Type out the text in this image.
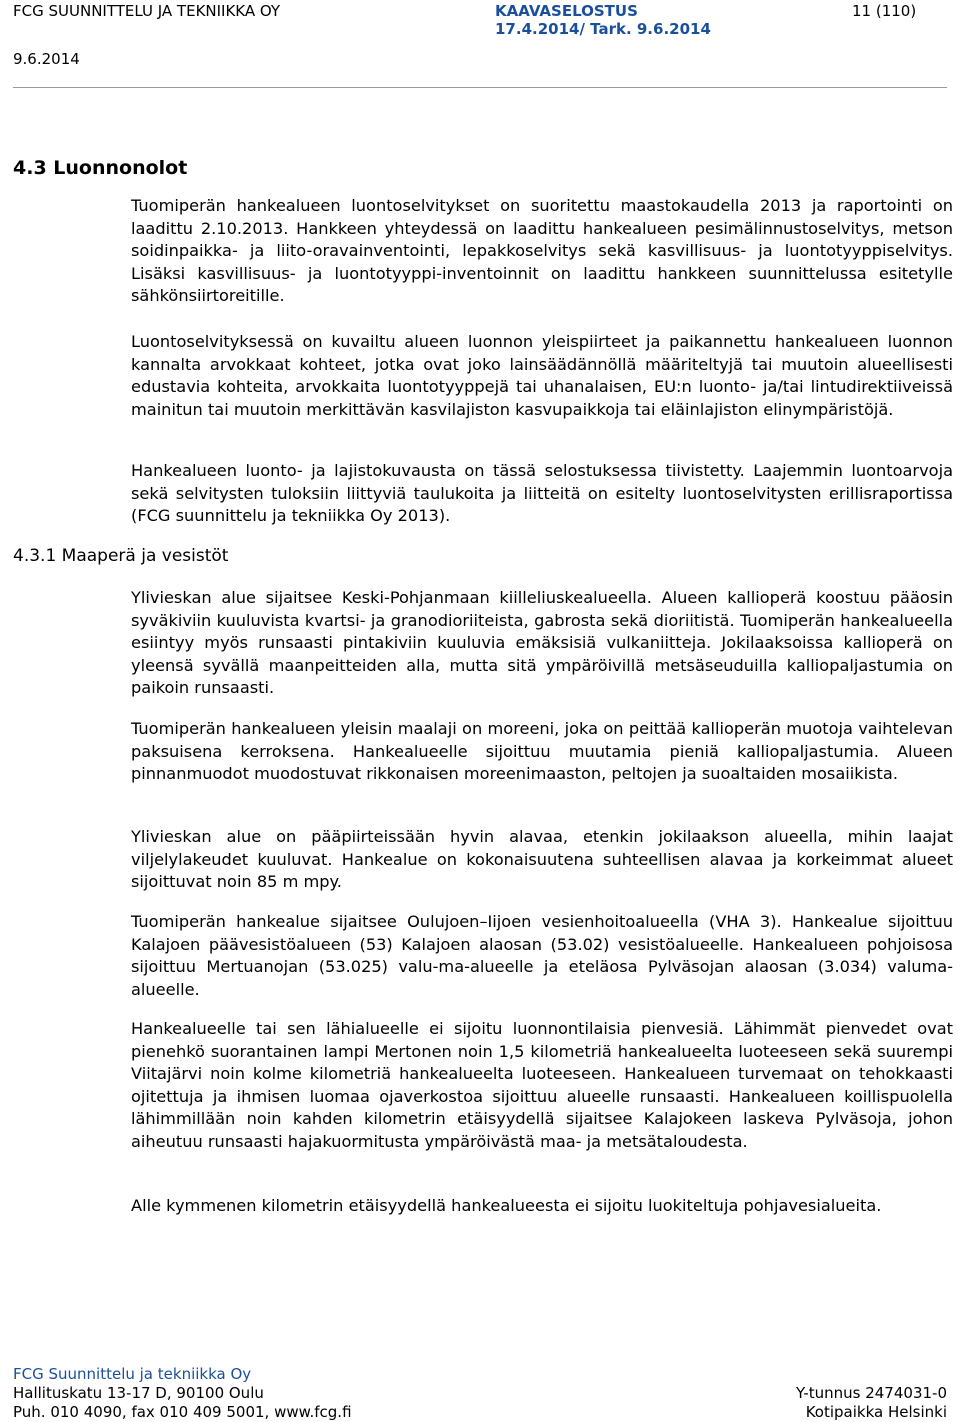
FCG SUUNNITTELU JA TEKNIIKKA OY	KAAVASELOSTUS
17.4.2014/ Tark. 9.6.2014
11 (110)
9.6.2014
4.3 Luonnonolot

Tuomiperän hankealueen luontoselvitykset on suoritettu maastokaudella 2013 ja raportointi on laadittu 2.10.2013. Hankkeen yhteydessä on laadittu hankealueen pesimälinnustoselvitys, metson soidinpaikka- ja liito-oravainventointi, lepakkoselvitys sekä kasvillisuus- ja luontotyyppiselvitys. Lisäksi kasvillisuus- ja luontotyyppi-inventoinnit on laadittu hankkeen suunnittelussa esitetylle sähkönsiirtoreitille.

Luontoselvityksessä on kuvailtu alueen luonnon yleispiirteet ja paikannettu hankealueen luonnon kannalta arvokkaat kohteet, jotka ovat joko lainsäädännöllä määriteltyjä tai muutoin alueellisesti edustavia kohteita, arvokkaita luontotyyppejä tai uhanalaisen, EU:n luonto- ja/tai lintudirektiiveissä mainitun tai muutoin merkittävän kasvilajiston kasvupaikkoja tai eläinlajiston elinympäristöjä.

Hankealueen luonto- ja lajistokuvausta on tässä selostuksessa tiivistetty. Laajemmin luontoarvoja sekä selvitysten tuloksiin liittyviä taulukoita ja liitteitä on esitelty luontoselvitysten erillisraportissa (FCG suunnittelu ja tekniikka Oy 2013).

4.3.1 Maaperä ja vesistöt

Ylivieskan alue sijaitsee Keski-Pohjanmaan kiilleliuskealueella. Alueen kallioperä koostuu pääosin syväkiviin kuuluvista kvartsi- ja granodioriiteista, gabrosta sekä dioriitistä. Tuomiperän hankealueella esiintyy myös runsaasti pintakiviin kuuluvia emäksisiä vulkaniitteja. Jokilaaksoissa kallioperä on yleensä syvällä maanpeitteiden alla, mutta sitä ympäröivillä metsäseuduilla kalliopaljastumia on paikoin runsaasti.

Tuomiperän hankealueen yleisin maalaji on moreeni, joka on peittää kallioperän muotoja vaihtelevan paksuisena kerroksena. Hankealueelle sijoittuu muutamia pieniä kalliopaljastumia. Alueen pinnanmuodot muodostuvat rikkonaisen moreenimaaston, peltojen ja suoaltaiden mosaiikista.

Ylivieskan alue on pääpiirteissään hyvin alavaa, etenkin jokilaakson alueella, mihin laajat viljelylakeudet kuuluvat. Hankealue on kokonaisuutena suhteellisen alavaa ja korkeimmat alueet sijoittuvat noin 85 m mpy.

Tuomiperän hankealue sijaitsee Oulujoen–Iijoen vesienhoitoalueella (VHA 3). Hankealue sijoittuu Kalajoen päävesistöalueen (53) Kalajoen alaosan (53.02) vesistöalueelle. Hankealueen pohjoisosa sijoittuu Mertuanojan (53.025) valu-ma-alueelle ja eteläosa Pylväsojan alaosan (3.034) valuma-alueelle.

Hankealueelle tai sen lähialueelle ei sijoitu luonnontilaisia pienvesiä. Lähimmät pienvedet ovat pienehkö suorantainen lampi Mertonen noin 1,5 kilometriä hankealueelta luoteeseen sekä suurempi Viitajärvi noin kolme kilometriä hankealueelta luoteeseen. Hankealueen turvemaat on tehokkaasti ojitettuja ja ihmisen luomaa ojaverkostoa sijoittuu alueelle runsaasti. Hankealueen koillispuolella lähimmillään noin kahden kilometrin etäisyydellä sijaitsee Kalajokeen laskeva Pylväsoja, johon aiheutuu runsaasti hajakuormitusta ympäröivästä maa- ja metsätaloudesta.

Alle kymmenen kilometrin etäisyydellä hankealueesta ei sijoitu luokiteltuja pohjavesialueita.

FCG Suunnittelu ja tekniikka Oy
Hallituskatu 13-17 D, 90100 Oulu
Puh. 010 4090, fax 010 409 5001, www.fcg.fi
Y-tunnus 2474031-0
Kotipaikka Helsinki
